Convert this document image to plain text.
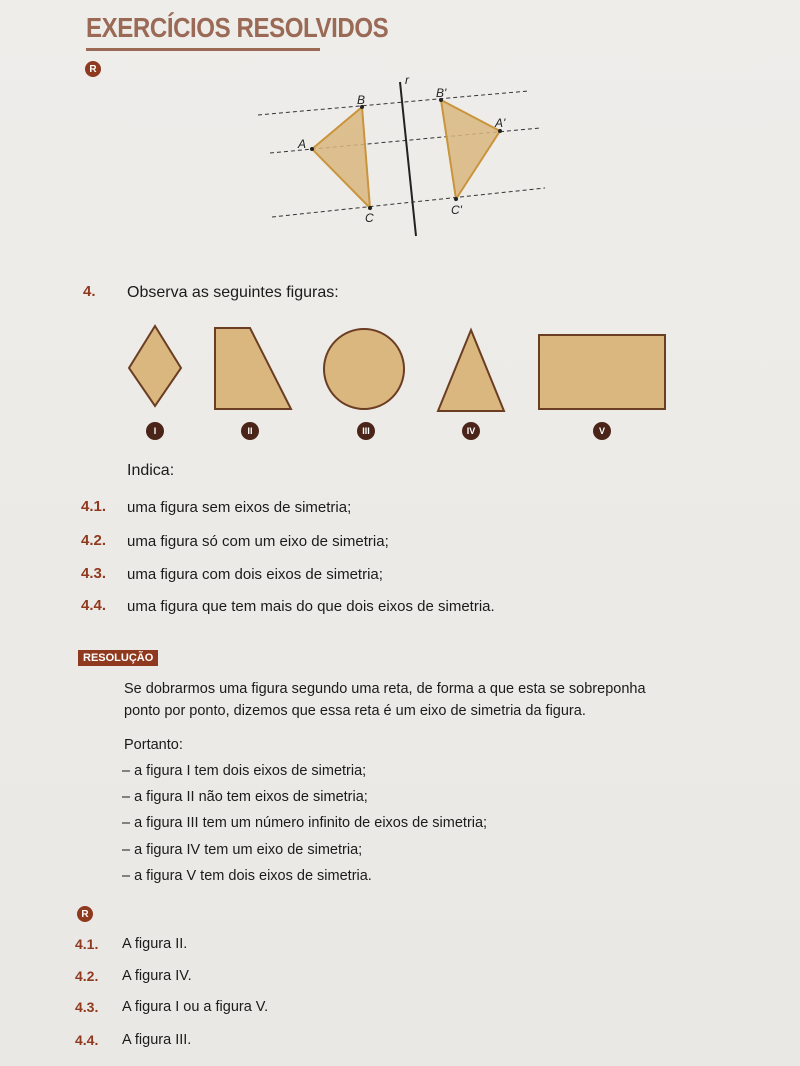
EXERCÍCIOS RESOLVIDOS
R
r
A
B
C
A'
B'
C'
4. Observa as seguintes figuras:
I	II	III	IV	V
Indica:
4.1. uma figura sem eixos de simetria;
4.2. uma figura só com um eixo de simetria;
4.3. uma figura com dois eixos de simetria;
4.4. uma figura que tem mais do que dois eixos de simetria.
RESOLUÇÃO
Se dobrarmos uma figura segundo uma reta, de forma a que esta se sobreponha
ponto por ponto, dizemos que essa reta é um eixo de simetria da figura.
Portanto:
– a figura I tem dois eixos de simetria;
– a figura II não tem eixos de simetria;
– a figura III tem um número infinito de eixos de simetria;
– a figura IV tem um eixo de simetria;
– a figura V tem dois eixos de simetria.
R
4.1. A figura II.
4.2. A figura IV.
4.3. A figura I ou a figura V.
4.4. A figura III.
